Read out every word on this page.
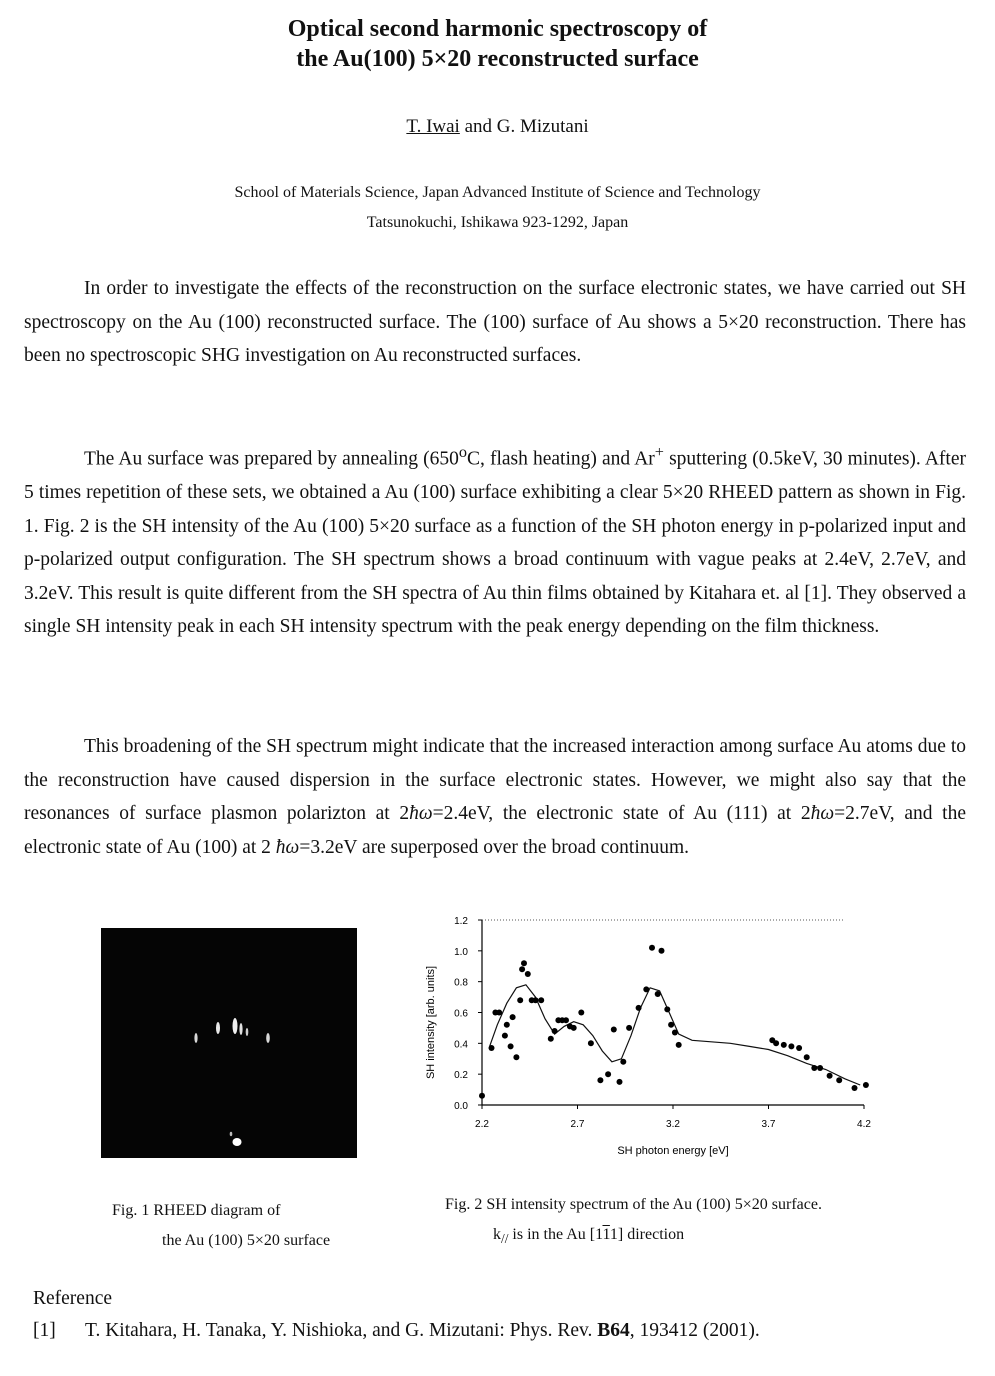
Optical second harmonic spectroscopy of
the Au(100) 5×20 reconstructed surface
T. Iwai and G. Mizutani
School of Materials Science, Japan Advanced Institute of Science and Technology
Tatsunokuchi, Ishikawa 923-1292, Japan

In order to investigate the effects of the reconstruction on the surface electronic states, we have carried out SH spectroscopy on the Au (100) reconstructed surface. The (100) surface of Au shows a 5×20 reconstruction. There has been no spectroscopic SHG investigation on Au reconstructed surfaces.

The Au surface was prepared by annealing (650$^o$C, flash heating) and Ar+ sputtering (0.5keV, 30 minutes). After 5 times repetition of these sets, we obtained a Au (100) surface exhibiting a clear 5×20 RHEED pattern as shown in Fig. 1. Fig. 2 is the SH intensity of the Au (100) 5×20 surface as a function of the SH photon energy in p-polarized input and p-polarized output configuration. The SH spectrum shows a broad continuum with vague peaks at 2.4eV, 2.7eV, and 3.2eV. This result is quite different from the SH spectra of Au thin films obtained by Kitahara et. al [1]. They observed a single SH intensity peak in each SH intensity spectrum with the peak energy depending on the film thickness.

This broadening of the SH spectrum might indicate that the increased interaction among surface Au atoms due to the reconstruction have caused dispersion in the surface electronic states. However, we might also say that the resonances of surface plasmon polarizton at 2ħω=2.4eV, the electronic state of Au (111) at 2ħω=2.7eV, and the electronic state of Au (100) at 2 ħω=3.2eV are superposed over the broad continuum.

Fig. 1 RHEED diagram of
the Au (100) 5×20 surface
0.0
0.2
0.4
0.6
0.8
1.0
1.2
2.2	2.7	3.2	3.7	4.2
SH photon energy [eV]
SH intensity [arb. units]
Fig. 2 SH intensity spectrum of the Au (100) 5×20 surface.
$k_{//}$ is in the Au [111] direction
Reference
[1] T. Kitahara, H. Tanaka, Y. Nishioka, and G. Mizutani: Phys. Rev. B64, 193412 (2001).
